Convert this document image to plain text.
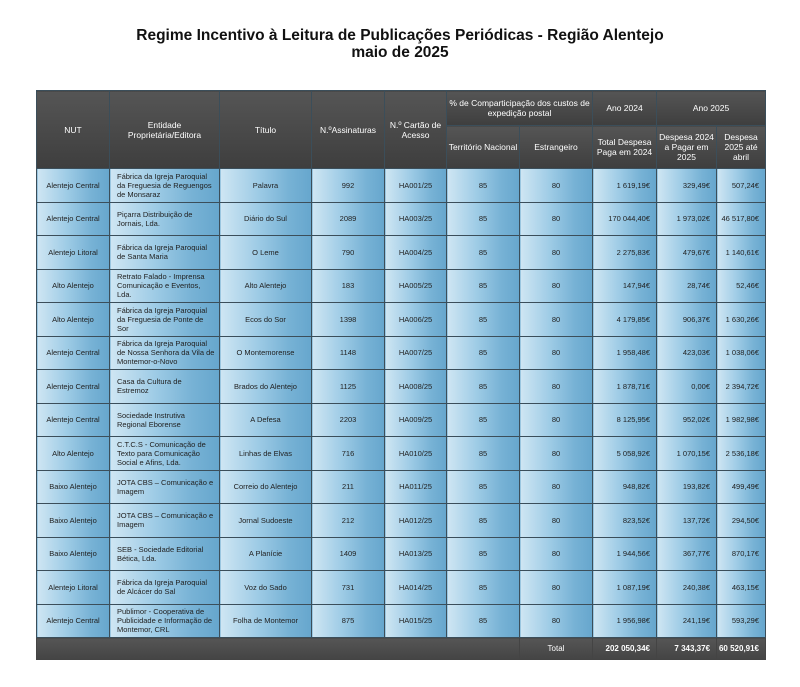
Regime Incentivo à Leitura de Publicações Periódicas - Região Alentejo
maio de 2025
NUT	Entidade Proprietária/Editora	Título	N.ºAssinaturas	N.º Cartão de Acesso	% de Comparticipação dos custos de expedição postal		Ano 2024	Ano 2025	
					Território Nacional	Estrangeiro	Total Despesa Paga em 2024	Despesa 2024 a Pagar em 2025	Despesa 2025 até abril
Alentejo Central	Fábrica da Igreja Paroquial da Freguesia de Reguengos de Monsaraz	Palavra	992	HA001/25	85	80	1 619,19€	329,49€	507,24€
Alentejo Central	Piçarra Distribuição de Jornais, Lda.	Diário do Sul	2089	HA003/25	85	80	170 044,40€	1 973,02€	46 517,80€
Alentejo Litoral	Fábrica da Igreja Paroquial de Santa Maria	O Leme	790	HA004/25	85	80	2 275,83€	479,67€	1 140,61€
Alto Alentejo	Retrato Falado - Imprensa Comunicação e Eventos, Lda.	Alto Alentejo	183	HA005/25	85	80	147,94€	28,74€	52,46€
Alto Alentejo	Fábrica da Igreja Paroquial da Freguesia de Ponte de Sor	Ecos do Sor	1398	HA006/25	85	80	4 179,85€	906,37€	1 630,26€
Alentejo Central	Fábrica da Igreja Paroquial de Nossa Senhora da Vila de Montemor-o-Novo	O Montemorense	1148	HA007/25	85	80	1 958,48€	423,03€	1 038,06€
Alentejo Central	Casa da Cultura de Estremoz	Brados do Alentejo	1125	HA008/25	85	80	1 878,71€	0,00€	2 394,72€
Alentejo Central	Sociedade Instrutiva Regional Eborense	A Defesa	2203	HA009/25	85	80	8 125,95€	952,02€	1 982,98€
Alto Alentejo	C.T.C.S - Comunicação de Texto para Comunicação Social e Afins, Lda.	Linhas de Elvas	716	HA010/25	85	80	5 058,92€	1 070,15€	2 536,18€
Baixo Alentejo	JOTA CBS – Comunicação e Imagem	Correio do Alentejo	211	HA011/25	85	80	948,82€	193,82€	499,49€
Baixo Alentejo	JOTA CBS – Comunicação e Imagem	Jornal Sudoeste	212	HA012/25	85	80	823,52€	137,72€	294,50€
Baixo Alentejo	SEB - Sociedade Editorial Bética, Lda.	A Planície	1409	HA013/25	85	80	1 944,56€	367,77€	870,17€
Alentejo Litoral	Fábrica da Igreja Paroquial de Alcácer do Sal	Voz do Sado	731	HA014/25	85	80	1 087,19€	240,38€	463,15€
Alentejo Central	Publimor - Cooperativa de Publicidade e Informação de Montemor, CRL	Folha de Montemor	875	HA015/25	85	80	1 956,98€	241,19€	593,29€
						Total	202 050,34€	7 343,37€	60 520,91€
